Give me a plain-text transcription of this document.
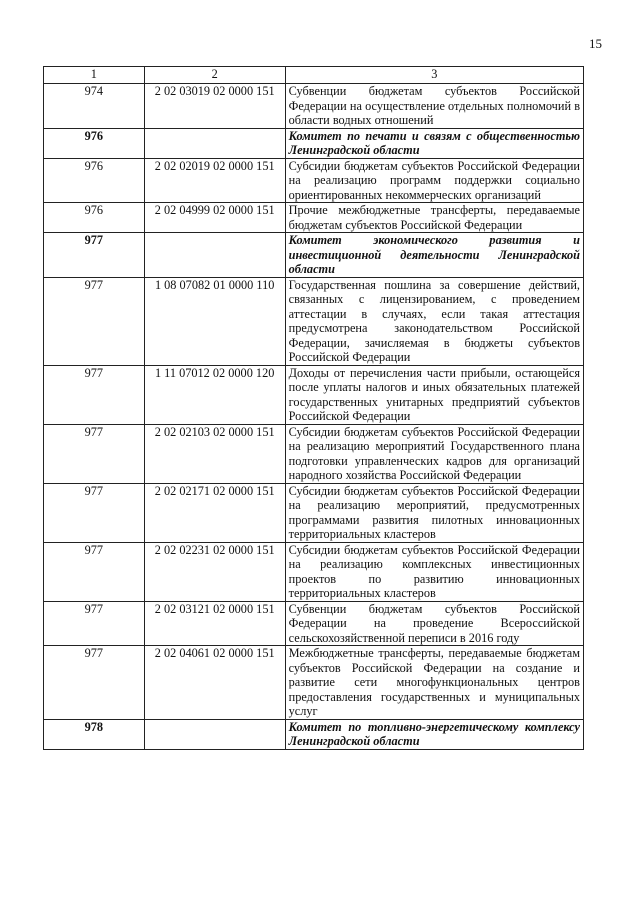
15
1	2	3
974	2 02 03019 02 0000 151	Субвенции бюджетам субъектов Российской Федерации на осуществление отдельных полномочий в области водных отношений
976		Комитет по печати и связям с общественностью Ленинградской области
976	2 02 02019 02 0000 151	Субсидии бюджетам субъектов Российской Федерации на реализацию программ поддержки социально ориентированных некоммерческих организаций
976	2 02 04999 02 0000 151	Прочие межбюджетные трансферты, передаваемые бюджетам субъектов Российской Федерации
977		Комитет экономического развития и инвестиционной деятельности Ленинградской области
977	1 08 07082 01 0000 110	Государственная пошлина за совершение действий, связанных с лицензированием, с проведением аттестации в случаях, если такая аттестация предусмотрена законодательством Российской Федерации, зачисляемая в бюджеты субъектов Российской Федерации
977	1 11 07012 02 0000 120	Доходы от перечисления части прибыли, остающейся после уплаты налогов и иных обязательных платежей государственных унитарных предприятий субъектов Российской Федерации
977	2 02 02103 02 0000 151	Субсидии бюджетам субъектов Российской Федерации на реализацию мероприятий Государственного плана подготовки управленческих кадров для организаций народного хозяйства Российской Федерации
977	2 02 02171 02 0000 151	Субсидии бюджетам субъектов Российской Федерации на реализацию мероприятий, предусмотренных программами развития пилотных инновационных территориальных кластеров
977	2 02 02231 02 0000 151	Субсидии бюджетам субъектов Российской Федерации на реализацию комплексных инвестиционных проектов по развитию инновационных территориальных кластеров
977	2 02 03121 02 0000 151	Субвенции бюджетам субъектов Российской Федерации на проведение Всероссийской сельскохозяйственной переписи в 2016 году
977	2 02 04061 02 0000 151	Межбюджетные трансферты, передаваемые бюджетам субъектов Российской Федерации на создание и развитие сети многофункциональных центров предоставления государственных и муниципальных услуг
978		Комитет по топливно-энергетическому комплексу Ленинградской области
